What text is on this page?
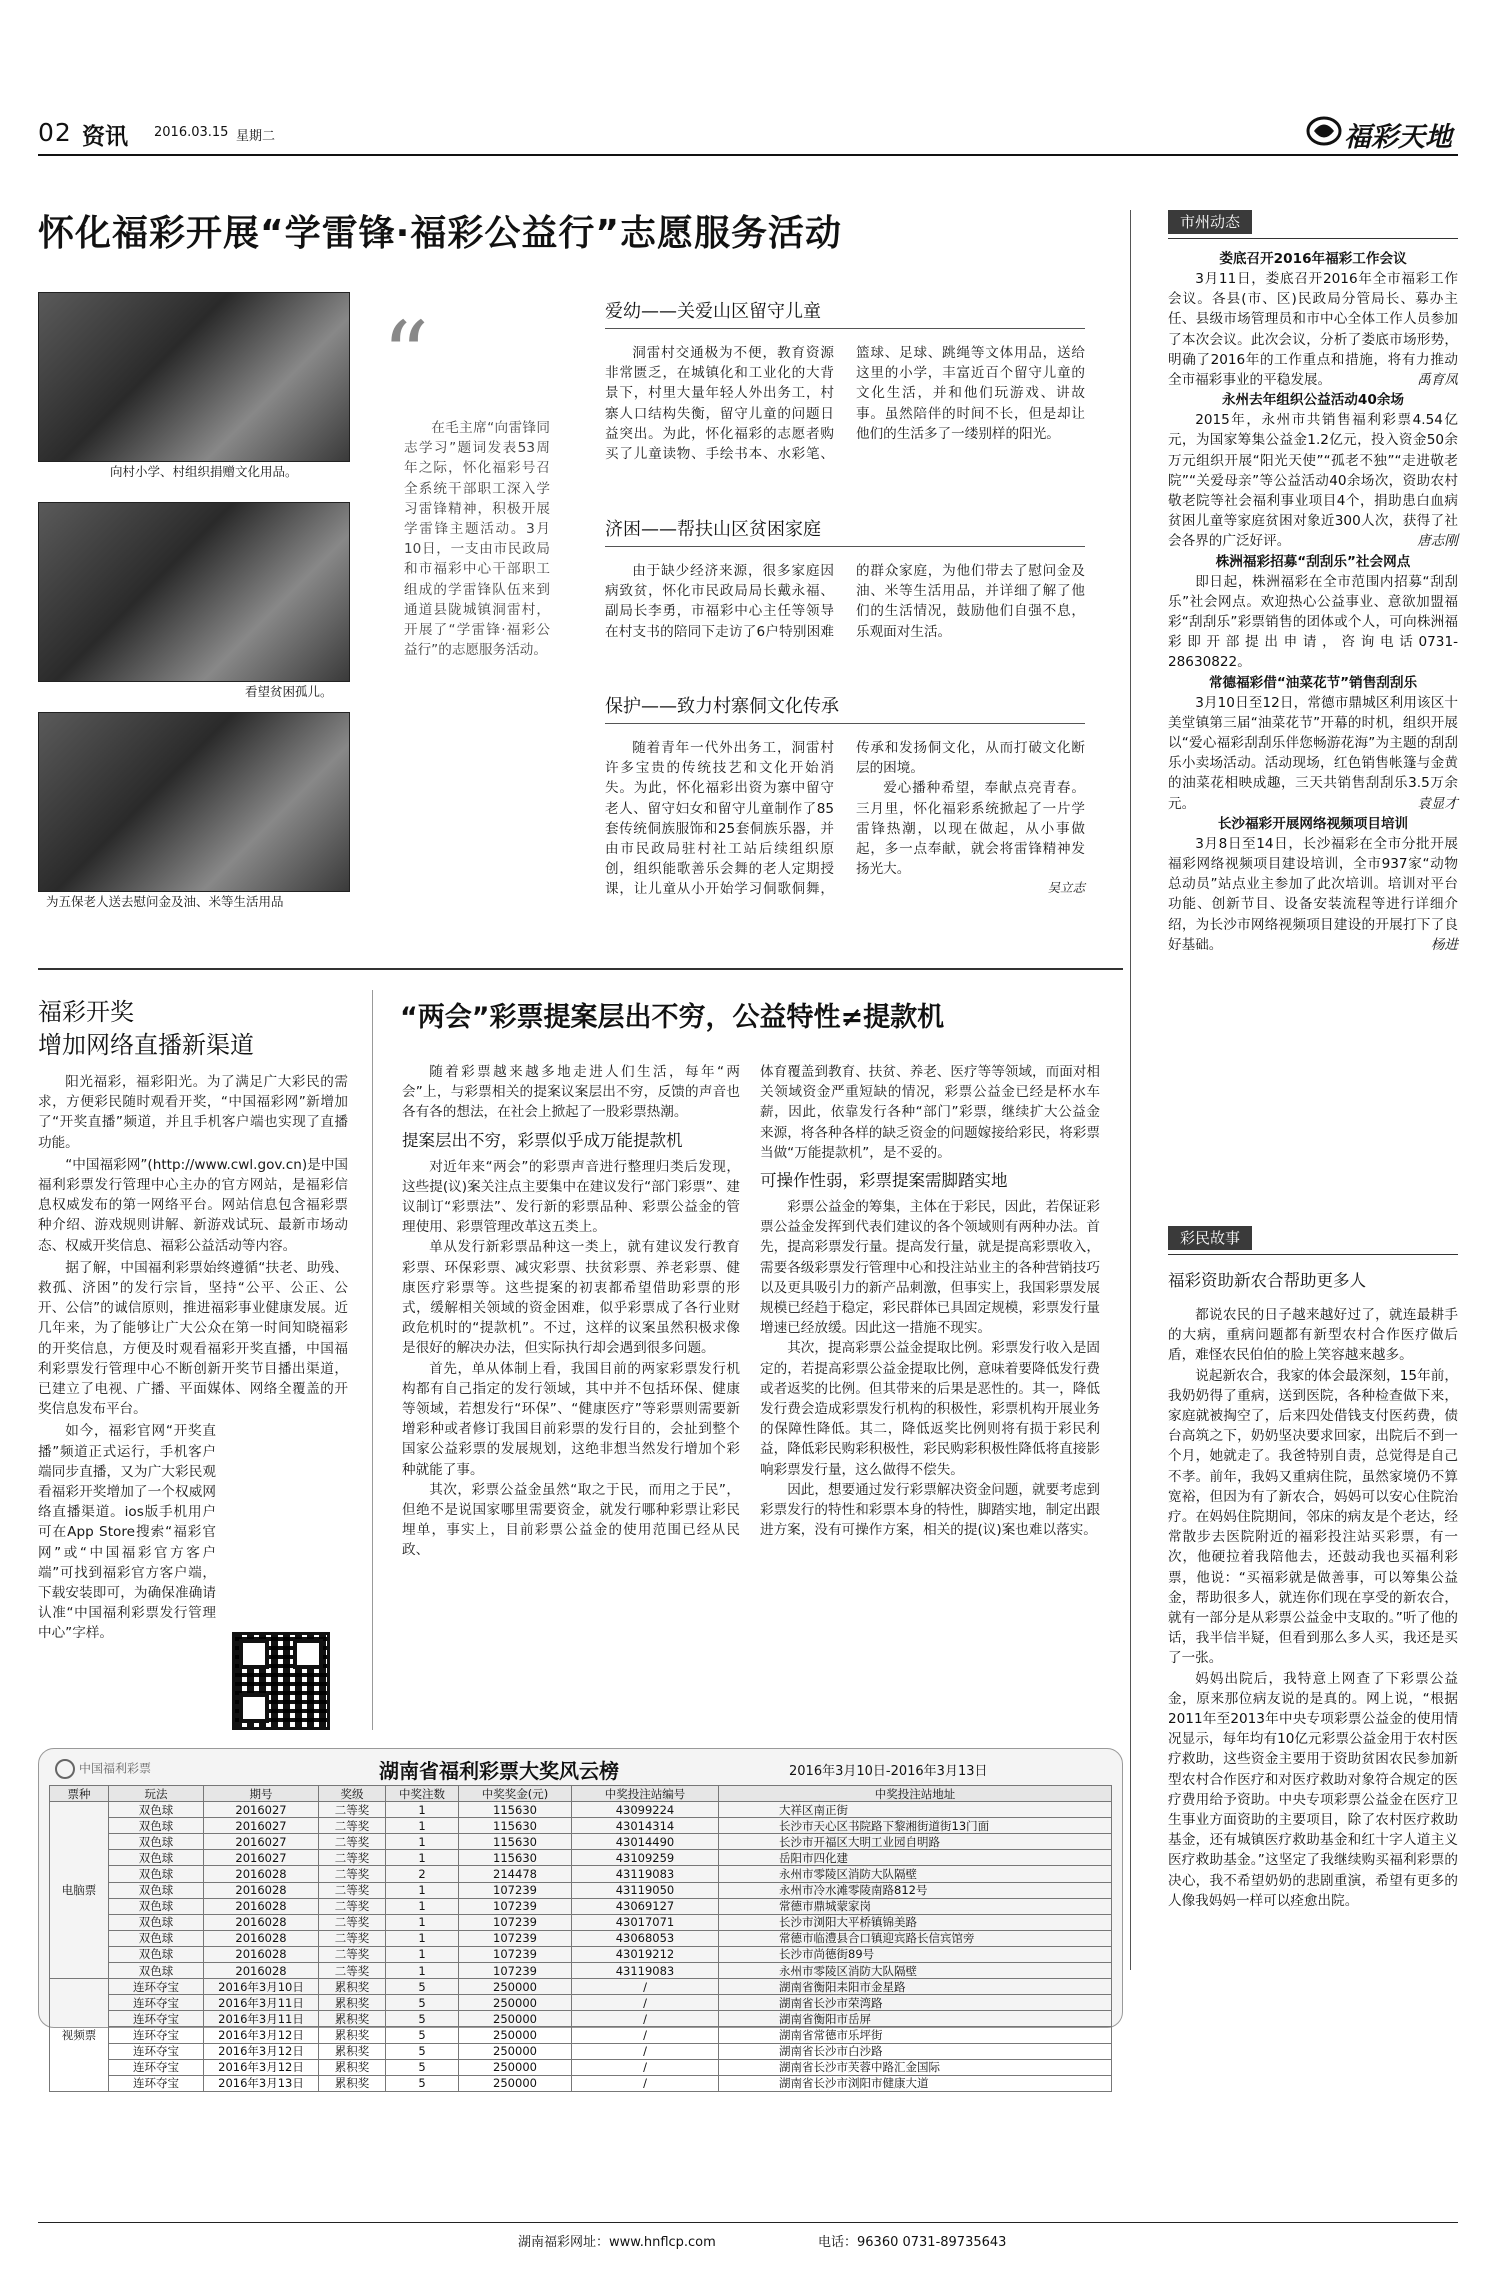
02 资讯 2016.03.15 星期二	福彩天地
怀化福彩开展“学雷锋·福彩公益行”志愿服务活动
向村小学、村组织捐赠文化用品。
看望贫困孤儿。
为五保老人送去慰问金及油、米等生活用品
“
在毛主席“向雷锋同志学习”题词发表53周年之际，怀化福彩号召全系统干部职工深入学习雷锋精神，积极开展学雷锋主题活动。3月10日，一支由市民政局和市福彩中心干部职工组成的学雷锋队伍来到通道县陇城镇洞雷村，开展了“学雷锋·福彩公益行”的志愿服务活动。
爱幼——关爱山区留守儿童
洞雷村交通极为不便，教育资源非常匮乏，在城镇化和工业化的大背景下，村里大量年轻人外出务工，村寨人口结构失衡，留守儿童的问题日益突出。为此，怀化福彩的志愿者购买了儿童读物、手绘书本、水彩笔、篮球、足球、跳绳等文体用品，送给这里的小学，丰富近百个留守儿童的文化生活，并和他们玩游戏、讲故事。虽然陪伴的时间不长，但是却让他们的生活多了一缕别样的阳光。
济困——帮扶山区贫困家庭
由于缺少经济来源，很多家庭因病致贫，怀化市民政局局长戴永福、副局长李勇，市福彩中心主任等领导在村支书的陪同下走访了6户特别困难的群众家庭，为他们带去了慰问金及油、米等生活用品，并详细了解了他们的生活情况，鼓励他们自强不息，乐观面对生活。
保护——致力村寨侗文化传承

随着青年一代外出务工，洞雷村许多宝贵的传统技艺和文化开始消失。为此，怀化福彩出资为寨中留守老人、留守妇女和留守儿童制作了85套传统侗族服饰和25套侗族乐器，并由市民政局驻村社工站后续组织原创，组织能歌善乐会舞的老人定期授课，让儿童从小开始学习侗歌侗舞，传承和发扬侗文化，从而打破文化断层的困境。

爱心播种希望，奉献点亮青春。三月里，怀化福彩系统掀起了一片学雷锋热潮，以现在做起，从小事做起，多一点奉献，就会将雷锋精神发扬光大。

吴立志
福彩开奖
增加网络直播新渠道

阳光福彩，福彩阳光。为了满足广大彩民的需求，方便彩民随时观看开奖，“中国福彩网”新增加了“开奖直播”频道，并且手机客户端也实现了直播功能。

“中国福彩网”(http://www.cwl.gov.cn)是中国福利彩票发行管理中心主办的官方网站，是福彩信息权威发布的第一网络平台。网站信息包含福彩票种介绍、游戏规则讲解、新游戏试玩、最新市场动态、权威开奖信息、福彩公益活动等内容。

据了解，中国福利彩票始终遵循“扶老、助残、救孤、济困”的发行宗旨，坚持“公平、公正、公开、公信”的诚信原则，推进福彩事业健康发展。近几年来，为了能够让广大公众在第一时间知晓福彩的开奖信息，方便及时观看福彩开奖直播，中国福利彩票发行管理中心不断创新开奖节目播出渠道，已建立了电视、广播、平面媒体、网络全覆盖的开奖信息发布平台。

如今，福彩官网“开奖直播”频道正式运行，手机客户端同步直播，又为广大彩民观看福彩开奖增加了一个权威网络直播渠道。ios版手机用户可在App Store搜索“福彩官网”或“中国福彩官方客户端”可找到福彩官方客户端，下载安装即可，为确保准确请认准“中国福利彩票发行管理中心”字样。

“两会”彩票提案层出不穷，公益特性≠提款机

随着彩票越来越多地走进人们生活，每年“两会”上，与彩票相关的提案议案层出不穷，反馈的声音也各有各的想法，在社会上掀起了一股彩票热潮。

提案层出不穷，彩票似乎成万能提款机

对近年来“两会”的彩票声音进行整理归类后发现，这些提(议)案关注点主要集中在建议发行“部门彩票”、建议制订“彩票法”、发行新的彩票品种、彩票公益金的管理使用、彩票管理改革这五类上。

单从发行新彩票品种这一类上，就有建议发行教育彩票、环保彩票、减灾彩票、扶贫彩票、养老彩票、健康医疗彩票等。这些提案的初衷都希望借助彩票的形式，缓解相关领域的资金困难，似乎彩票成了各行业财政危机时的“提款机”。不过，这样的议案虽然积极求像是很好的解决办法，但实际执行却会遇到很多问题。

首先，单从体制上看，我国目前的两家彩票发行机构都有自己指定的发行领域，其中并不包括环保、健康等领域，若想发行“环保”、“健康医疗”等彩票则需要新增彩种或者修订我国目前彩票的发行目的，会扯到整个国家公益彩票的发展规划，这绝非想当然发行增加个彩种就能了事。

其次，彩票公益金虽然“取之于民，而用之于民”，但绝不是说国家哪里需要资金，就发行哪种彩票让彩民埋单，事实上，目前彩票公益金的使用范围已经从民政、

体育覆盖到教育、扶贫、养老、医疗等等领域，而面对相关领域资金严重短缺的情况，彩票公益金已经是杯水车薪，因此，依靠发行各种“部门”彩票，继续扩大公益金来源，将各种各样的缺乏资金的问题嫁接给彩民，将彩票当做“万能提款机”，是不妥的。

可操作性弱，彩票提案需脚踏实地

彩票公益金的筹集，主体在于彩民，因此，若保证彩票公益金发挥到代表们建议的各个领域则有两种办法。首先，提高彩票发行量。提高发行量，就是提高彩票收入，需要各级彩票发行管理中心和投注站业主的各种营销技巧以及更具吸引力的新产品刺激，但事实上，我国彩票发展规模已经趋于稳定，彩民群体已具固定规模，彩票发行量增速已经放缓。因此这一措施不现实。

其次，提高彩票公益金提取比例。彩票发行收入是固定的，若提高彩票公益金提取比例，意味着要降低发行费或者返奖的比例。但其带来的后果是恶性的。其一，降低发行费会造成彩票发行机构的积极性，彩票机构开展业务的保障性降低。其二，降低返奖比例则将有损于彩民利益，降低彩民购彩积极性，彩民购彩积极性降低将直接影响彩票发行量，这么做得不偿失。

因此，想要通过发行彩票解决资金问题，就要考虑到彩票发行的特性和彩票本身的特性，脚踏实地，制定出跟进方案，没有可操作方案，相关的提(议)案也难以落实。

市州动态

娄底召开2016年福彩工作会议

3月11日，娄底召开2016年全市福彩工作会议。各县(市、区)民政局分管局长、募办主任、县级市场管理员和市中心全体工作人员参加了本次会议。此次会议，分析了娄底市场形势，明确了2016年的工作重点和措施，将有力推动全市福彩事业的平稳发展。	禹育凤

永州去年组织公益活动40余场

2015年，永州市共销售福利彩票4.54亿元，为国家筹集公益金1.2亿元，投入资金50余万元组织开展“阳光天使”“孤老不独”“走进敬老院”“关爱母亲”等公益活动40余场次，资助农村敬老院等社会福利事业项目4个，捐助患白血病贫困儿童等家庭贫困对象近300人次，获得了社会各界的广泛好评。	唐志刚

株洲福彩招募“刮刮乐”社会网点

即日起，株洲福彩在全市范围内招募“刮刮乐”社会网点。欢迎热心公益事业、意欲加盟福彩“刮刮乐”彩票销售的团体或个人，可向株洲福彩即开部提出申请，咨询电话0731-28630822。

常德福彩借“油菜花节”销售刮刮乐

3月10日至12日，常德市鼎城区利用该区十美堂镇第三届“油菜花节”开幕的时机，组织开展以“爱心福彩刮刮乐伴您畅游花海”为主题的刮刮乐小卖场活动。活动现场，红色销售帐篷与金黄的油菜花相映成趣，三天共销售刮刮乐3.5万余元。	袁显才

长沙福彩开展网络视频项目培训

3月8日至14日，长沙福彩在全市分批开展福彩网络视频项目建设培训，全市937家“动物总动员”站点业主参加了此次培训。培训对平台功能、创新节目、设备安装流程等进行详细介绍，为长沙市网络视频项目建设的开展打下了良好基础。	杨进

彩民故事
福彩资助新农合帮助更多人

都说农民的日子越来越好过了，就连最耕手的大病，重病问题都有新型农村合作医疗做后盾，难怪农民伯伯的脸上笑容越来越多。

说起新农合，我家的体会最深刻，15年前，我奶奶得了重病，送到医院，各种检查做下来，家庭就被掏空了，后来四处借钱支付医药费，债台高筑之下，奶奶坚决要求回家，出院后不到一个月，她就走了。我爸特别自责，总觉得是自己不孝。前年，我妈又重病住院，虽然家境仍不算宽裕，但因为有了新农合，妈妈可以安心住院治疗。在妈妈住院期间，邻床的病友是个老达，经常散步去医院附近的福彩投注站买彩票，有一次，他硬拉着我陪他去，还鼓动我也买福利彩票，他说：“买福彩就是做善事，可以筹集公益金，帮助很多人，就连你们现在享受的新农合，就有一部分是从彩票公益金中支取的。”听了他的话，我半信半疑，但看到那么多人买，我还是买了一张。

妈妈出院后，我特意上网查了下彩票公益金，原来那位病友说的是真的。网上说，“根据2011年至2013年中央专项彩票公益金的使用情况显示，每年均有10亿元彩票公益金用于农村医疗救助，这些资金主要用于资助贫困农民参加新型农村合作医疗和对医疗救助对象符合规定的医疗费用给予资助。中央专项彩票公益金在医疗卫生事业方面资助的主要项目，除了农村医疗救助基金，还有城镇医疗救助基金和红十字人道主义医疗救助基金。”这坚定了我继续购买福利彩票的决心，我不希望奶奶的悲剧重演，希望有更多的人像我妈妈一样可以痊愈出院。

中国福利彩票	湖南省福利彩票大奖风云榜	2016年3月10日-2016年3月13日
票种	玩法	期号	奖级	中奖注数	中奖奖金(元)	中奖投注站编号	中奖投注站地址
电脑票	双色球	2016027	二等奖	1	115630	43099224	大祥区南正街
	双色球	2016027	二等奖	1	115630	43014314	长沙市天心区书院路下黎湘街道街13门面
	双色球	2016027	二等奖	1	115630	43014490	长沙市开福区大明工业园自明路
	双色球	2016027	二等奖	1	115630	43109259	岳阳市四化建
	双色球	2016028	二等奖	2	214478	43119083	永州市零陵区消防大队隔壁
	双色球	2016028	二等奖	1	107239	43119050	永州市冷水滩零陵南路812号
	双色球	2016028	二等奖	1	107239	43069127	常德市鼎城蒙家岗
	双色球	2016028	二等奖	1	107239	43017071	长沙市浏阳大平桥镇锦美路
	双色球	2016028	二等奖	1	107239	43068053	常德市临澧县合口镇迎宾路长信宾馆旁
	双色球	2016028	二等奖	1	107239	43019212	长沙市尚德街89号
	双色球	2016028	二等奖	1	107239	43119083	永州市零陵区消防大队隔壁
视频票	连环夺宝	2016年3月10日	累积奖	5	250000	/	湖南省衡阳耒阳市金星路
	连环夺宝	2016年3月11日	累积奖	5	250000	/	湖南省长沙市荣湾路
	连环夺宝	2016年3月11日	累积奖	5	250000	/	湖南省衡阳市岳屏
	连环夺宝	2016年3月12日	累积奖	5	250000	/	湖南省常德市乐坪街
	连环夺宝	2016年3月12日	累积奖	5	250000	/	湖南省长沙市白沙路
	连环夺宝	2016年3月12日	累积奖	5	250000	/	湖南省长沙市芙蓉中路汇金国际
	连环夺宝	2016年3月13日	累积奖	5	250000	/	湖南省长沙市浏阳市健康大道
湖南福彩网址：www.hnflcp.com	电话：96360 0731-89735643
